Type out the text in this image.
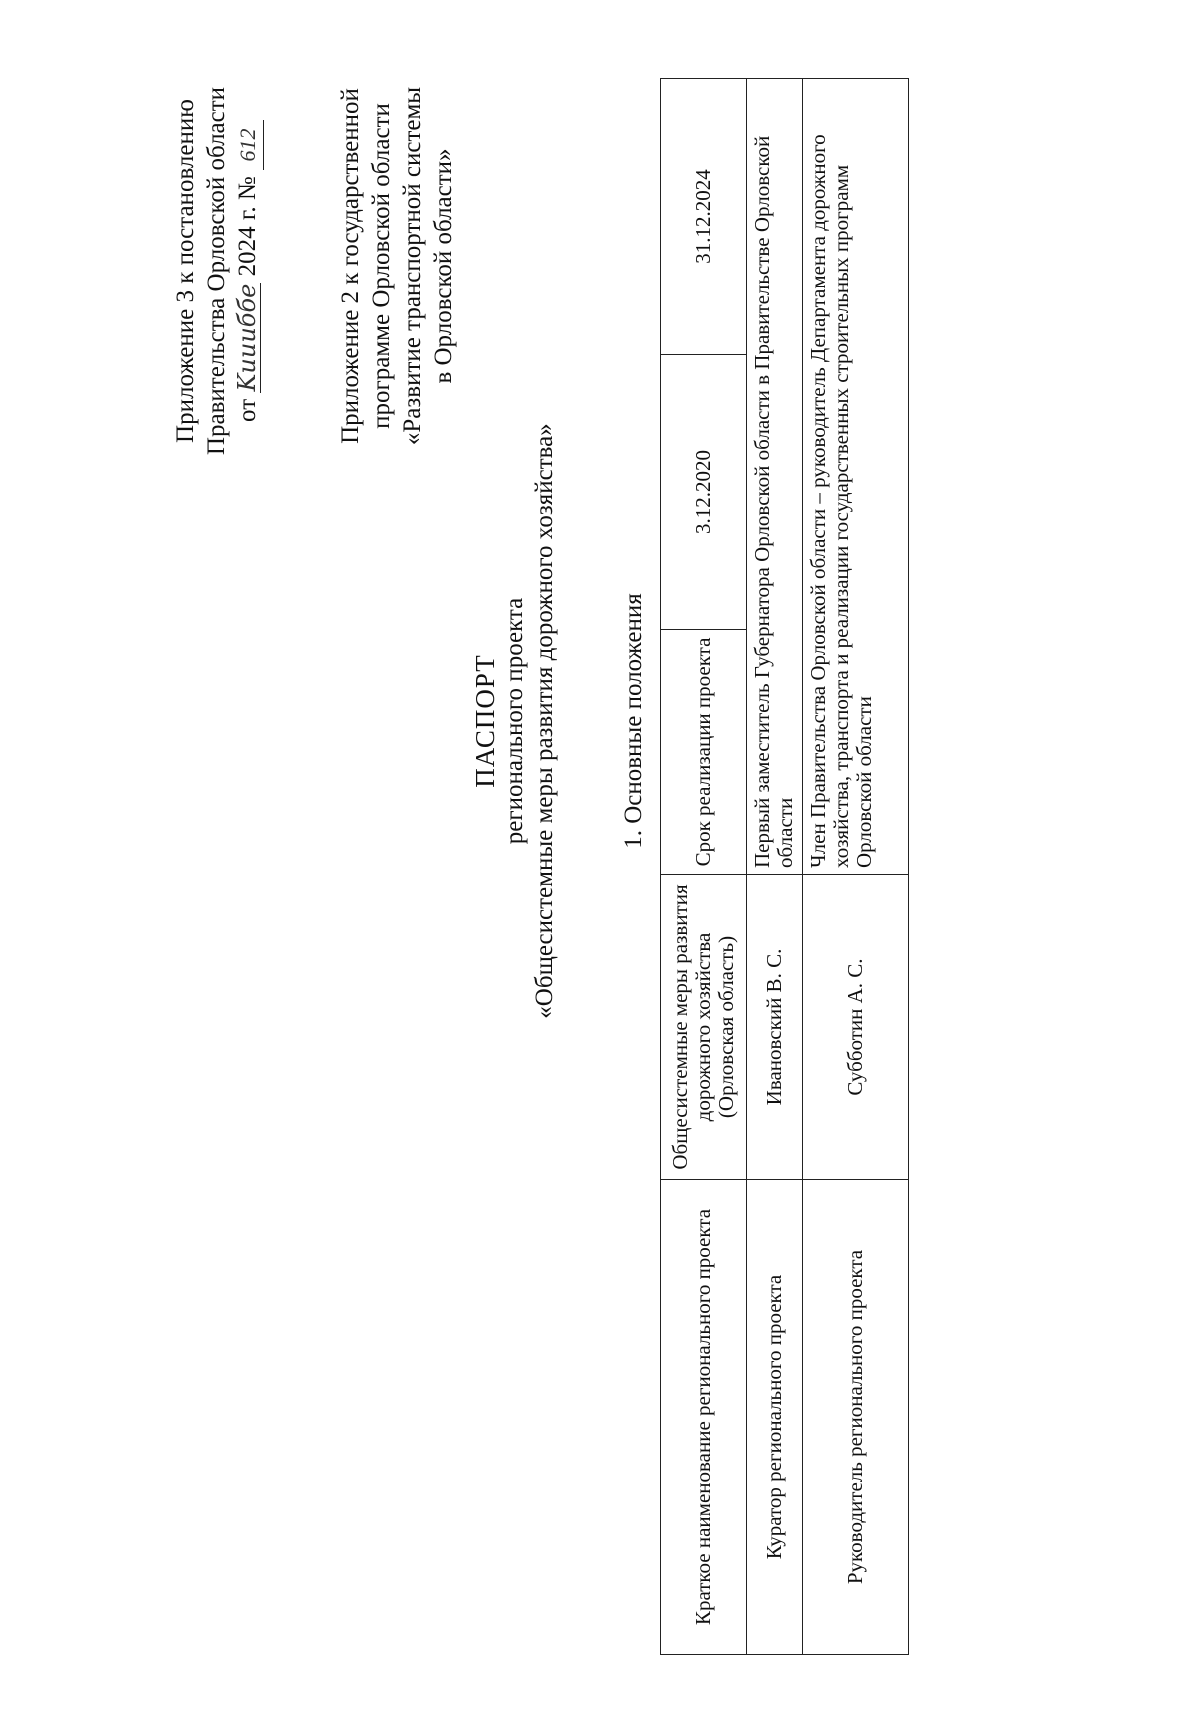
Приложение 3 к постановлению Правительства Орловской области от Kиииббe 2024 г. № 612	Приложение 2 к государственной программе Орловской области «Развитие транспортной системы в Орловской области»
ПАСПОРТ регионального проекта «Общесистемные меры развития дорожного хозяйства» 1. Основные положения
Краткое наименование регионального проекта	Общесистемные меры развития дорожного хозяйства (Орловская область)	Срок реализации проекта	3.12.2020	31.12.2024
Куратор регионального проекта	Ивановский В. С.	Первый заместитель Губернатора Орловской области в Правительстве Орловской области		
Руководитель регионального проекта	Субботин А. С.	Член Правительства Орловской области – руководитель Департамента дорожного хозяйства, транспорта и реализации государственных строительных программ Орловской области		
